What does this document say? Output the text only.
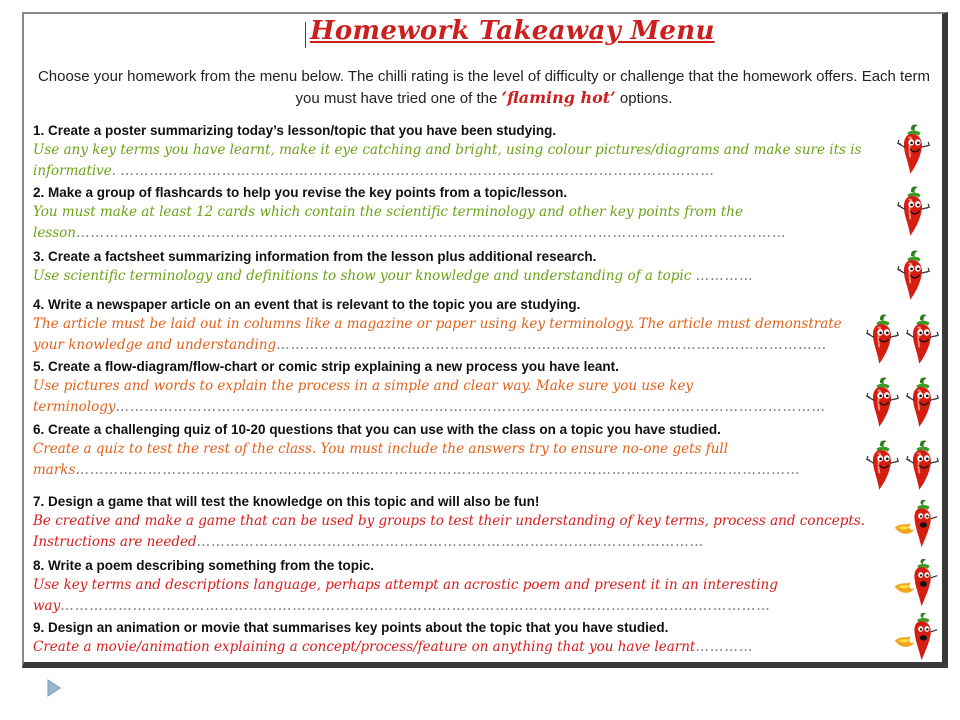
Homework Takeaway Menu

Choose your homework from the menu below. The chilli rating is the level of difficulty or challenge that the homework offers. Each term
you must have tried one of the ‘flaming hot’ options.

1. Create a poster summarizing today’s lesson/topic that you have been studying.

Use any key terms you have learnt, make it eye catching and bright, using colour pictures/diagrams and make sure its is informative. ……………………………………………………………………………………………………………

2. Make a group of flashcards to help you revise the key points from a topic/lesson.

You must make at least 12 cards which contain the scientific terminology and other key points from the lesson…………………………………………………………………………………………………………………………………

3. Create a factsheet summarizing information from the lesson plus additional research.

Use scientific terminology and definitions to show your knowledge and understanding of a topic …………

4. Write a newspaper article on an event that is relevant to the topic you are studying.

The article must be laid out in columns like a magazine or paper using key terminology. The article must demonstrate your knowledge and understanding……………………………………………………………………………………………………

5. Create a flow-diagram/flow-chart or comic strip explaining a new process you have leant.

Use pictures and words to explain the process in a simple and clear way. Make sure you use key terminology…………………………………………………………………………………………………………………………………

6. Create a challenging quiz of 10-20 questions that you can use with the class on a topic you have studied.

Create a quiz to test the rest of the class. You must include the answers try to ensure no-one gets full marks……………………………………………………………………………………………………………………………………

7. Design a game that will test the knowledge on this topic and will also be fun!

Be creative and make a game that can be used by groups to test their understanding of key terms, process and concepts. Instructions are needed……………………………………………………………………………………………

8. Write a poem describing something from the topic.

Use key terms and descriptions language, perhaps attempt an acrostic poem and present it in an interesting way…………………………………………………………………………………………………………………………………

9. Design an animation or movie that summarises key points about the topic that you have studied.

Create a movie/animation explaining a concept/process/feature on anything that you have learnt…………
